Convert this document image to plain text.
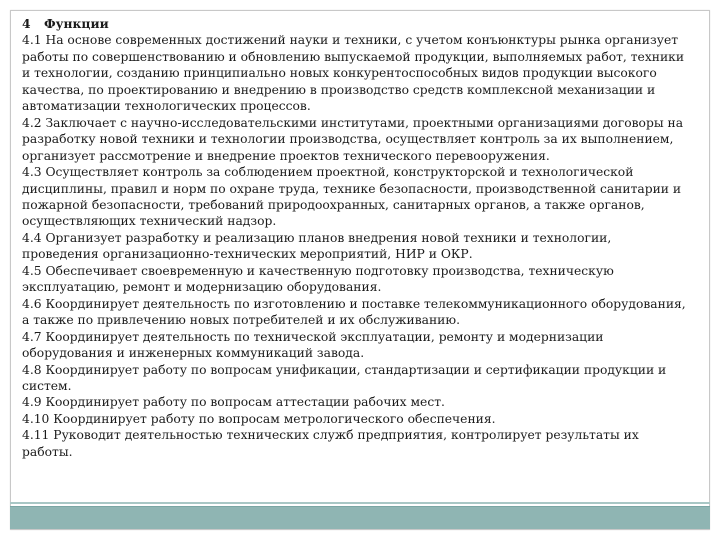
4 Функции

4.1 На основе современных достижений науки и техники, с учетом конъюнктуры рынка организует работы по совершенствованию и обновлению выпускаемой продукции, выполняемых работ, техники и технологии, созданию принципиально новых конкурентоспособных видов продукции высокого качества, по проектированию и внедрению в производство средств комплексной механизации и автоматизации технологических процессов.

4.2 Заключает с научно-исследовательскими институтами, проектными организациями договоры на разработку новой техники и технологии производства, осуществляет контроль за их выполнением, организует рассмотрение и внедрение проектов технического перевооружения.

4.3 Осуществляет контроль за соблюдением проектной, конструкторской и технологической дисциплины, правил и норм по охране труда, технике безопасности, производственной санитарии и пожарной безопасности, требований природоохранных, санитарных органов, а также органов, осуществляющих технический надзор.

4.4 Организует разработку и реализацию планов внедрения новой техники и технологии, проведения организационно-технических мероприятий, НИР и ОКР.

4.5 Обеспечивает своевременную и качественную подготовку производства, техническую эксплуатацию, ремонт и модернизацию оборудования.

4.6 Координирует деятельность по изготовлению и поставке телекоммуникационного оборудования, а также по привлечению новых потребителей и их обслуживанию.

4.7 Координирует деятельность по технической эксплуатации, ремонту и модернизации оборудования и инженерных коммуникаций завода.

4.8 Координирует работу по вопросам унификации, стандартизации и сертификации продукции и систем.

4.9 Координирует работу по вопросам аттестации рабочих мест.

4.10 Координирует работу по вопросам метрологического обеспечения.

4.11 Руководит деятельностью технических служб предприятия, контролирует результаты их работы.
